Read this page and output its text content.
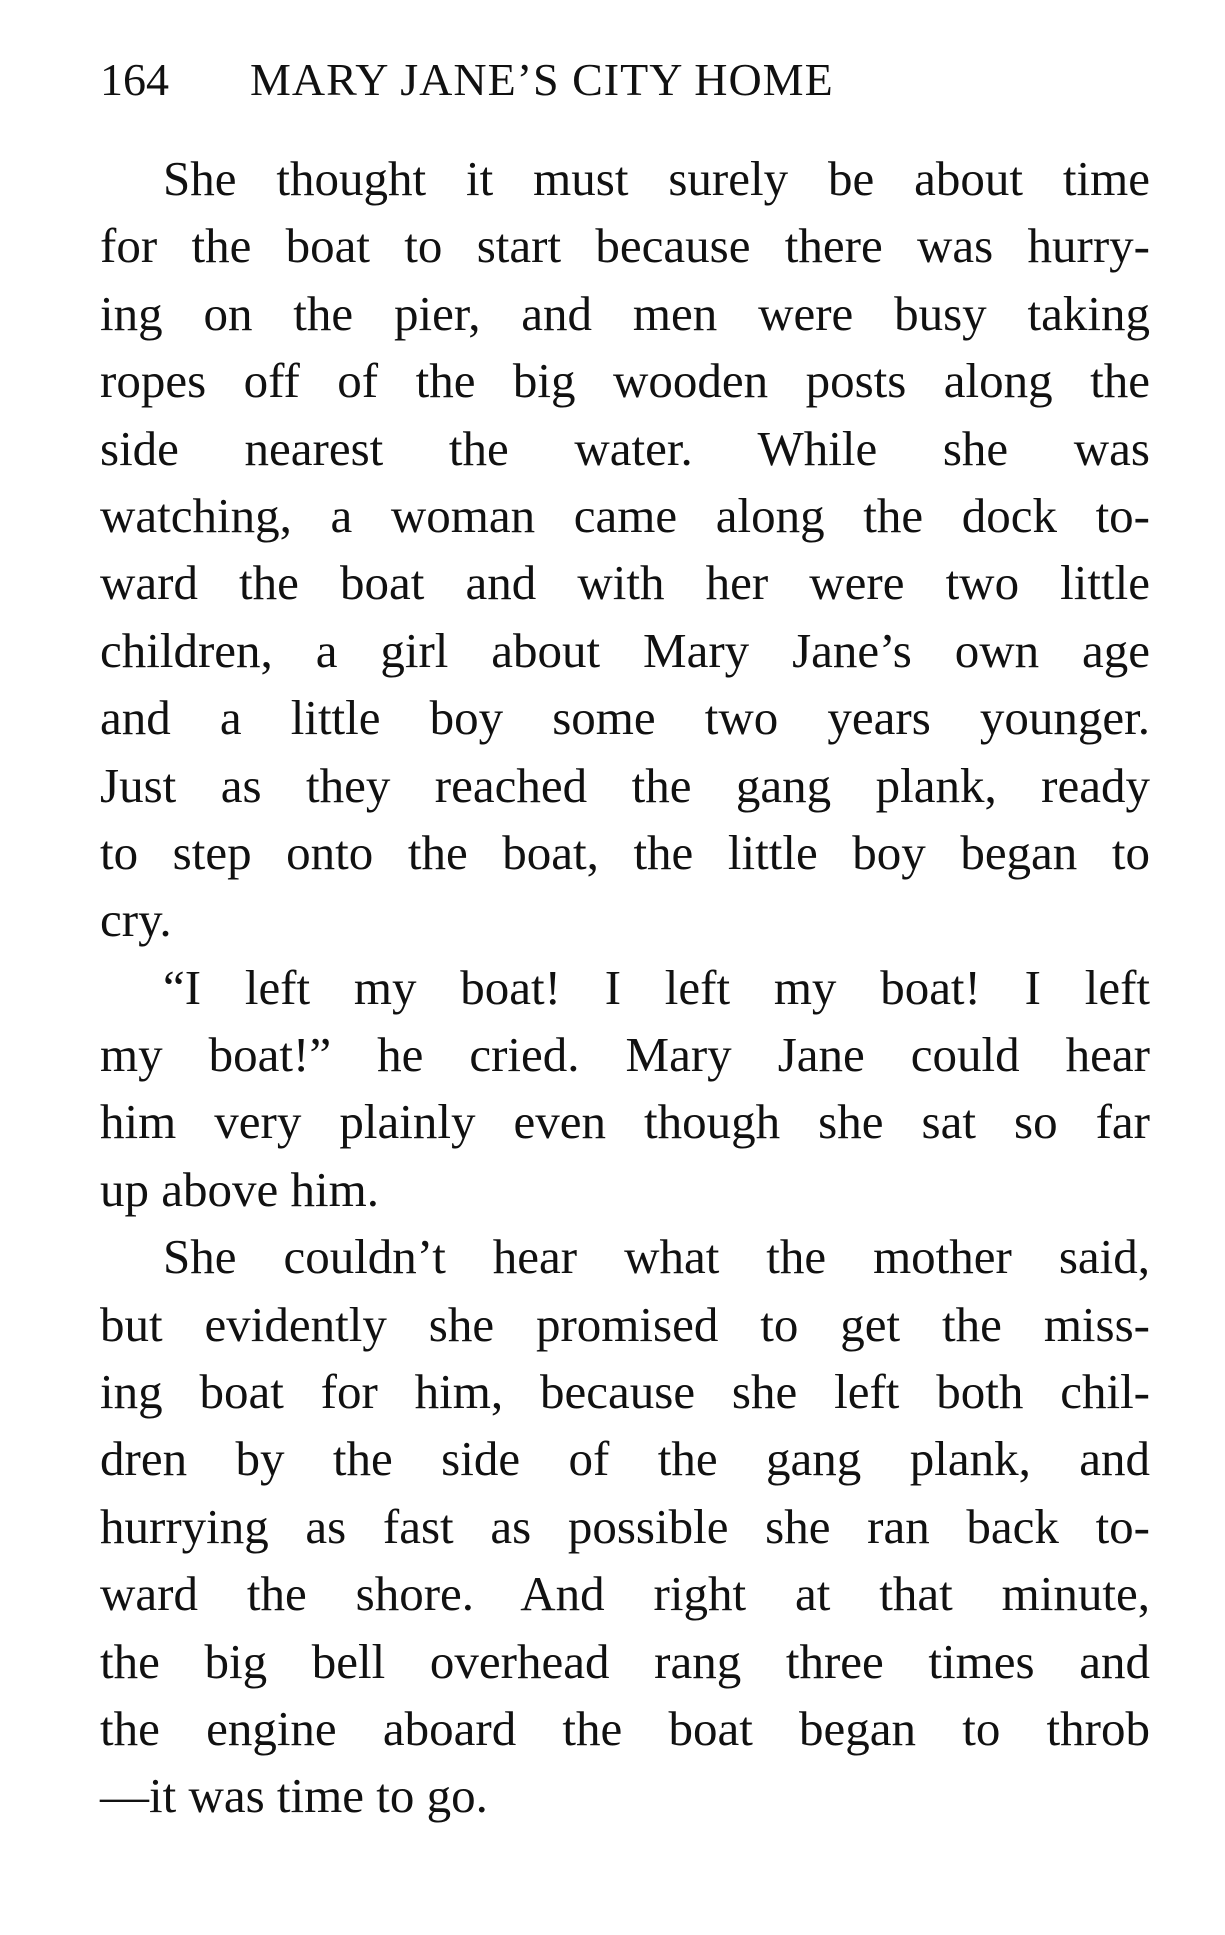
164 MARY JANE’S CITY HOME
She thought it must surely be about time
for the boat to start because there was hurry-
ing on the pier, and men were busy taking
ropes off of the big wooden posts along the
side nearest the water. While she was
watching, a woman came along the dock to-
ward the boat and with her were two little
children, a girl about Mary Jane’s own age
and a little boy some two years younger.
Just as they reached the gang plank, ready
to step onto the boat, the little boy began to
cry.
“I left my boat! I left my boat! I left
my boat!” he cried. Mary Jane could hear
him very plainly even though she sat so far
up above him.
She couldn’t hear what the mother said,
but evidently she promised to get the miss-
ing boat for him, because she left both chil-
dren by the side of the gang plank, and
hurrying as fast as possible she ran back to-
ward the shore. And right at that minute,
the big bell overhead rang three times and
the engine aboard the boat began to throb
—it was time to go.
